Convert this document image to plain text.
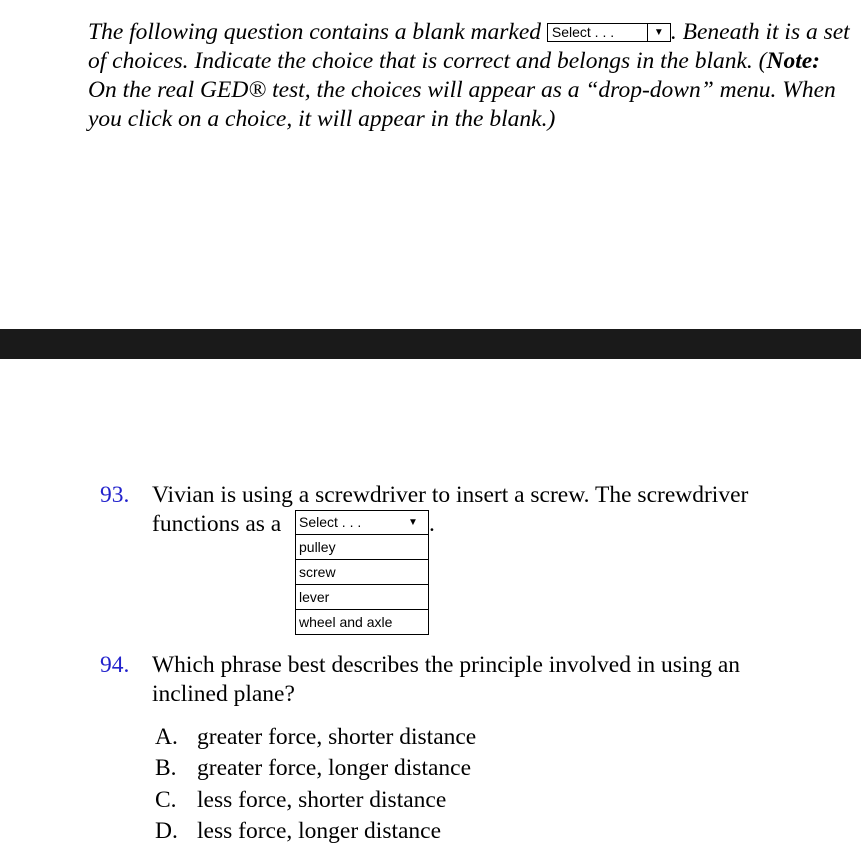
The following question contains a blank marked Select . . .	▼ . Beneath it is a set of choices. Indicate the choice that is correct and belongs in the blank. (Note: On the real GED® test, the choices will appear as a “drop-down” menu. When you click on a choice, it will appear in the blank.)
93. Vivian is using a screwdriver to insert a screw. The screwdriver
functions as a	Select . . .	▼
pulley
screw
lever
wheel and axle
.
94. Which phrase best describes the principle involved in using an inclined plane?
A. greater force, shorter distance
B. greater force, longer distance
C. less force, shorter distance
D. less force, longer distance
